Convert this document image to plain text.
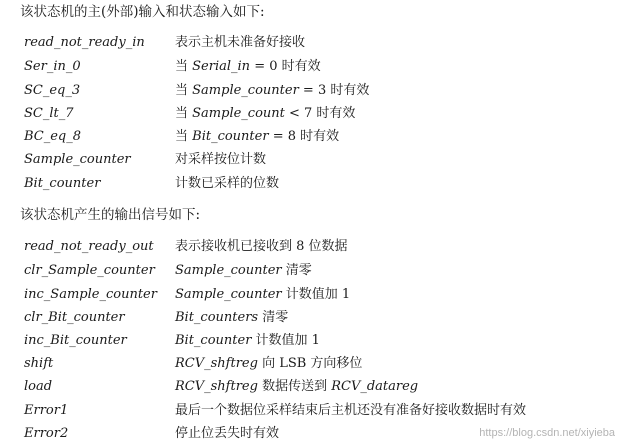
该状态机的主(外部)输入和状态输入如下:
read_not_ready_in 表示主机未准备好接收
Ser_in_0	当 Serial_in = 0 时有效
SC_eq_3	当 Sample_counter = 3 时有效
SC_lt_7	当 Sample_count < 7 时有效
BC_eq_8	当 Bit_counter = 8 时有效
Sample_counter	对采样按位计数
Bit_counter	计数已采样的位数
该状态机产生的输出信号如下:
read_not_ready_out 表示接收机已接收到 8 位数据
clr_Sample_counter Sample_counter 清零
inc_Sample_counter Sample_counter 计数值加 1
clr_Bit_counter	Bit_counters 清零
inc_Bit_counter	Bit_counter 计数值加 1
shift	RCV_shftreg 向 LSB 方向移位
load	RCV_shftreg 数据传送到 RCV_datareg
Error1	最后一个数据位采样结束后主机还没有准备好接收数据时有效
Error2	停止位丢失时有效	https://blog.csdn.net/xiyieba
